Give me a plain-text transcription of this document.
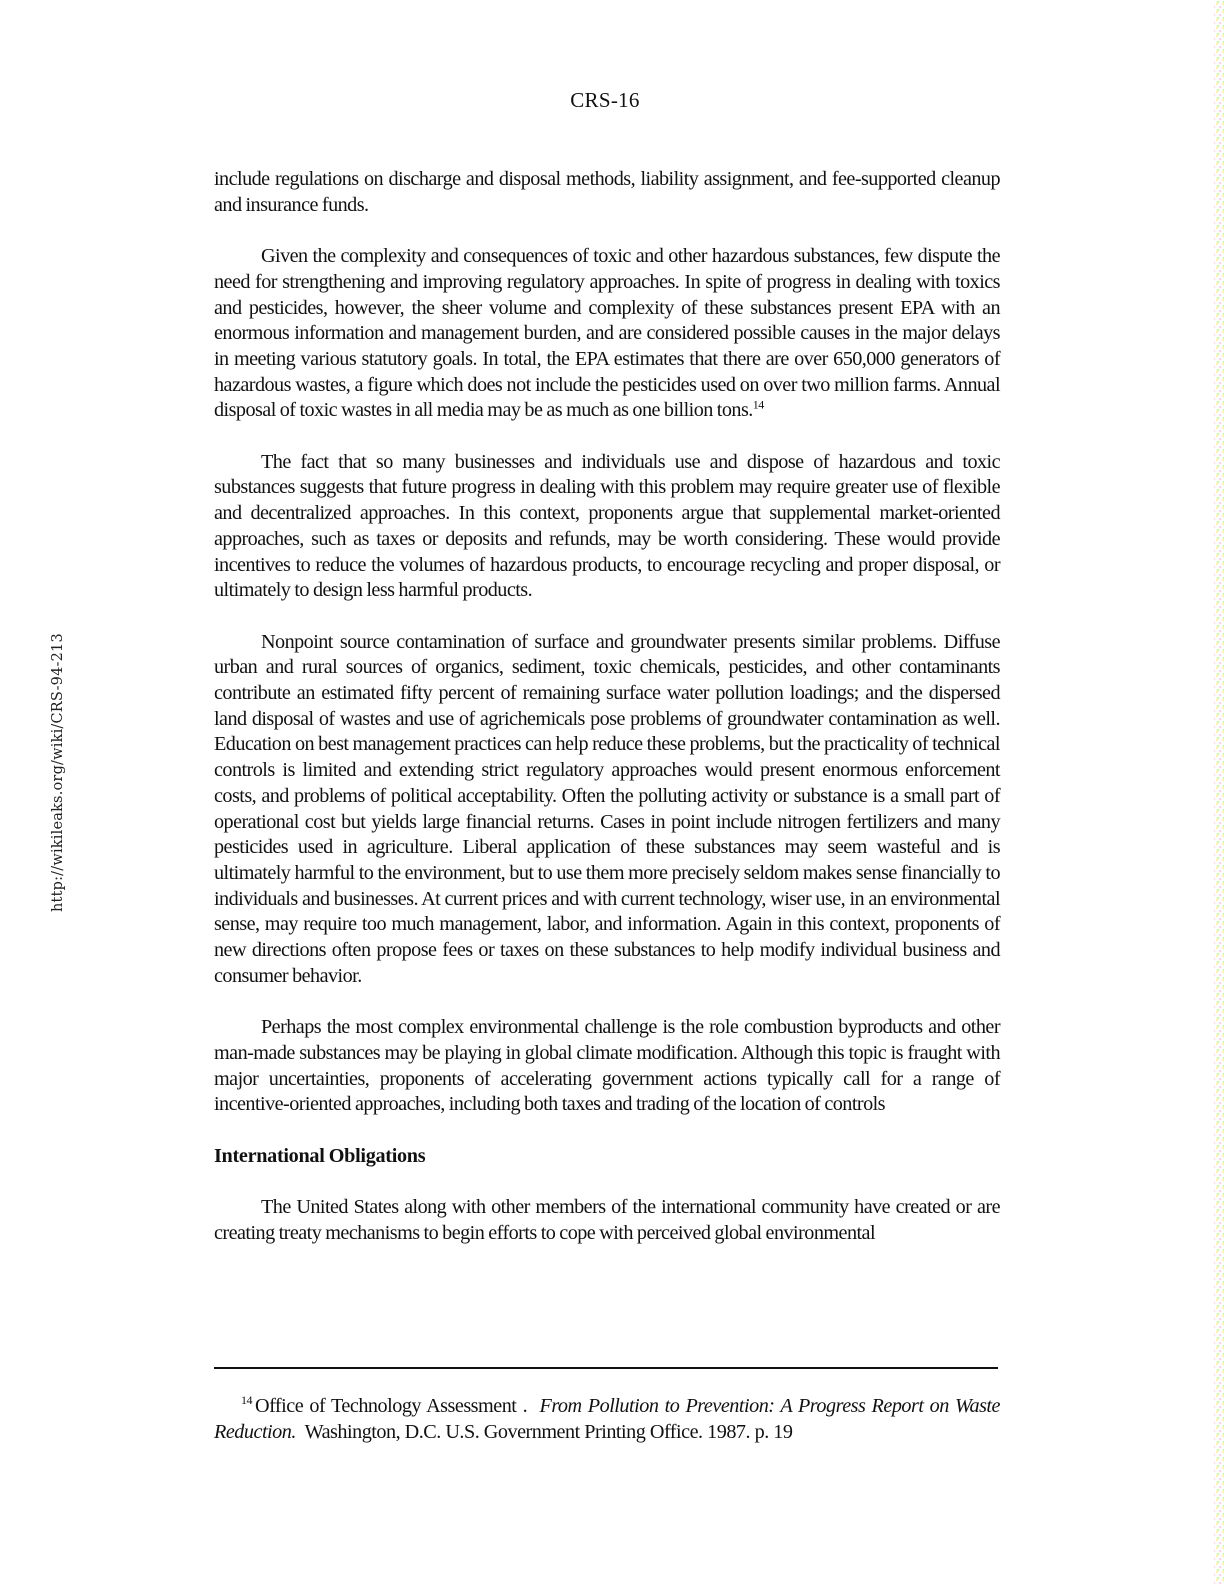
http://wikileaks.org/wiki/CRS-94-213
CRS-16

include regulations on discharge and disposal methods, liability assignment, and fee-supported cleanup and insurance funds.

Given the complexity and consequences of toxic and other hazardous substances, few dispute the need for strengthening and improving regulatory approaches. In spite of progress in dealing with toxics and pesticides, however, the sheer volume and complexity of these substances present EPA with an enormous information and management burden, and are considered possible causes in the major delays in meeting various statutory goals. In total, the EPA estimates that there are over 650,000 generators of hazardous wastes, a figure which does not include the pesticides used on over two million farms. Annual disposal of toxic wastes in all media may be as much as one billion tons.$^{14}$

The fact that so many businesses and individuals use and dispose of hazardous and toxic substances suggests that future progress in dealing with this problem may require greater use of flexible and decentralized approaches. In this context, proponents argue that supplemental market-oriented approaches, such as taxes or deposits and refunds, may be worth considering. These would provide incentives to reduce the volumes of hazardous products, to encourage recycling and proper disposal, or ultimately to design less harmful products.

Nonpoint source contamination of surface and groundwater presents similar problems. Diffuse urban and rural sources of organics, sediment, toxic chemicals, pesticides, and other contaminants contribute an estimated fifty percent of remaining surface water pollution loadings; and the dispersed land disposal of wastes and use of agrichemicals pose problems of groundwater contamination as well. Education on best management practices can help reduce these problems, but the practicality of technical controls is limited and extending strict regulatory approaches would present enormous enforcement costs, and problems of political acceptability. Often the polluting activity or substance is a small part of operational cost but yields large financial returns. Cases in point include nitrogen fertilizers and many pesticides used in agriculture. Liberal application of these substances may seem wasteful and is ultimately harmful to the environment, but to use them more precisely seldom makes sense financially to individuals and businesses. At current prices and with current technology, wiser use, in an environmental sense, may require too much management, labor, and information. Again in this context, proponents of new directions often propose fees or taxes on these substances to help modify individual business and consumer behavior.

Perhaps the most complex environmental challenge is the role combustion byproducts and other man-made substances may be playing in global climate modification. Although this topic is fraught with major uncertainties, proponents of accelerating government actions typically call for a range of incentive-oriented approaches, including both taxes and trading of the location of controls

International Obligations

The United States along with other members of the international community have created or are creating treaty mechanisms to begin efforts to cope with perceived global environmental

$^{14}$ Office of Technology Assessment . From Pollution to Prevention: A Progress Report on Waste Reduction. Washington, D.C. U.S. Government Printing Office. 1987. p. 19
